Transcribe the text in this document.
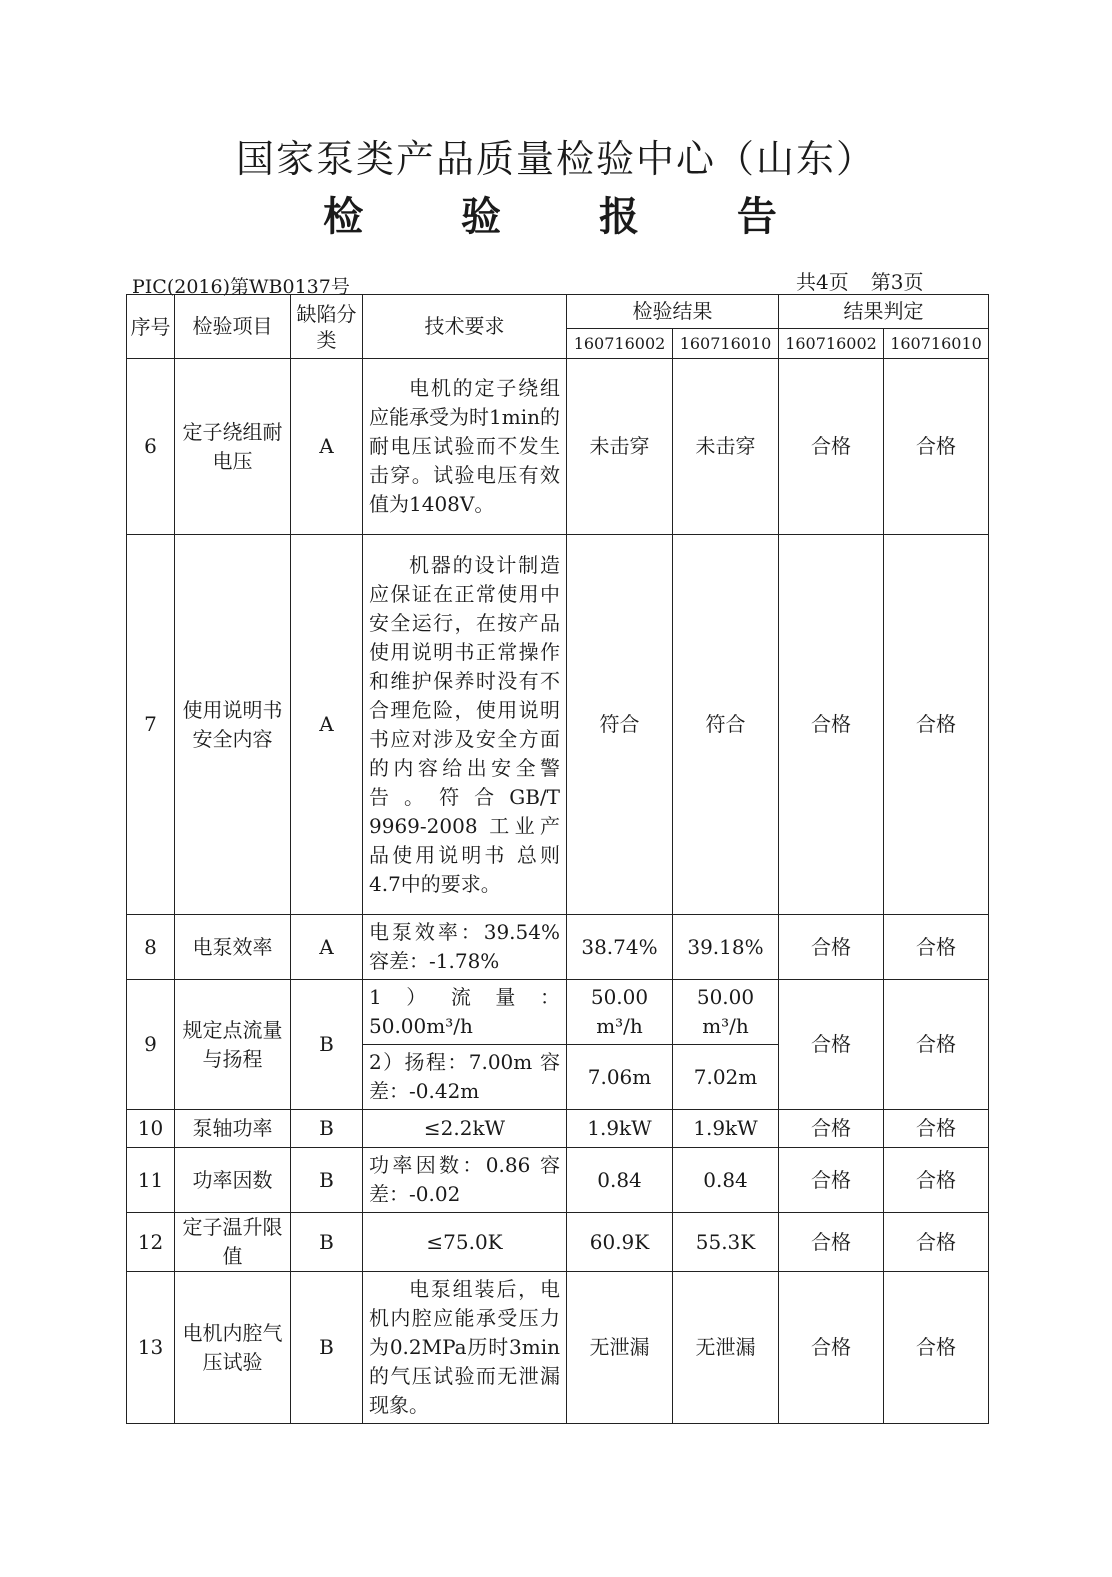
国家泵类产品质量检验中心（山东）
检 验 报 告
PIC(2016)第WB0137号	共4页 第3页
序号	检验项目	缺陷分类	技术要求	检验结果		结果判定	
				160716002	160716010	160716002	160716010
6	定子绕组耐电压	A	电机的定子绕组应能承受为时1min的耐电压试验而不发生击穿。试验电压有效值为1408V。	未击穿	未击穿	合格	合格
7	使用说明书安全内容	A	机器的设计制造应保证在正常使用中安全运行，在按产品使用说明书正常操作和维护保养时没有不合理危险，使用说明书应对涉及安全方面的内容给出安全警告。符合GB/T 9969-2008 工业产品使用说明书 总则4.7中的要求。	符合	符合	合格	合格
8	电泵效率	A	电泵效率：39.54% 容差：-1.78%	38.74%	39.18%	合格	合格
9	规定点流量与扬程	B	1）流量：50.00m³/h	50.00 m³/h	50.00 m³/h	合格	合格

			2）扬程：7.00m 容差：-0.42m	7.06m	7.02m		
10	泵轴功率	B	≤2.2kW	1.9kW	1.9kW	合格	合格
11	功率因数	B	功率因数：0.86 容差：-0.02	0.84	0.84	合格	合格
12	定子温升限值	B	≤75.0K	60.9K	55.3K	合格	合格
13	电机内腔气压试验	B	电泵组装后，电机内腔应能承受压力为0.2MPa历时3min的气压试验而无泄漏现象。	无泄漏	无泄漏	合格	合格
